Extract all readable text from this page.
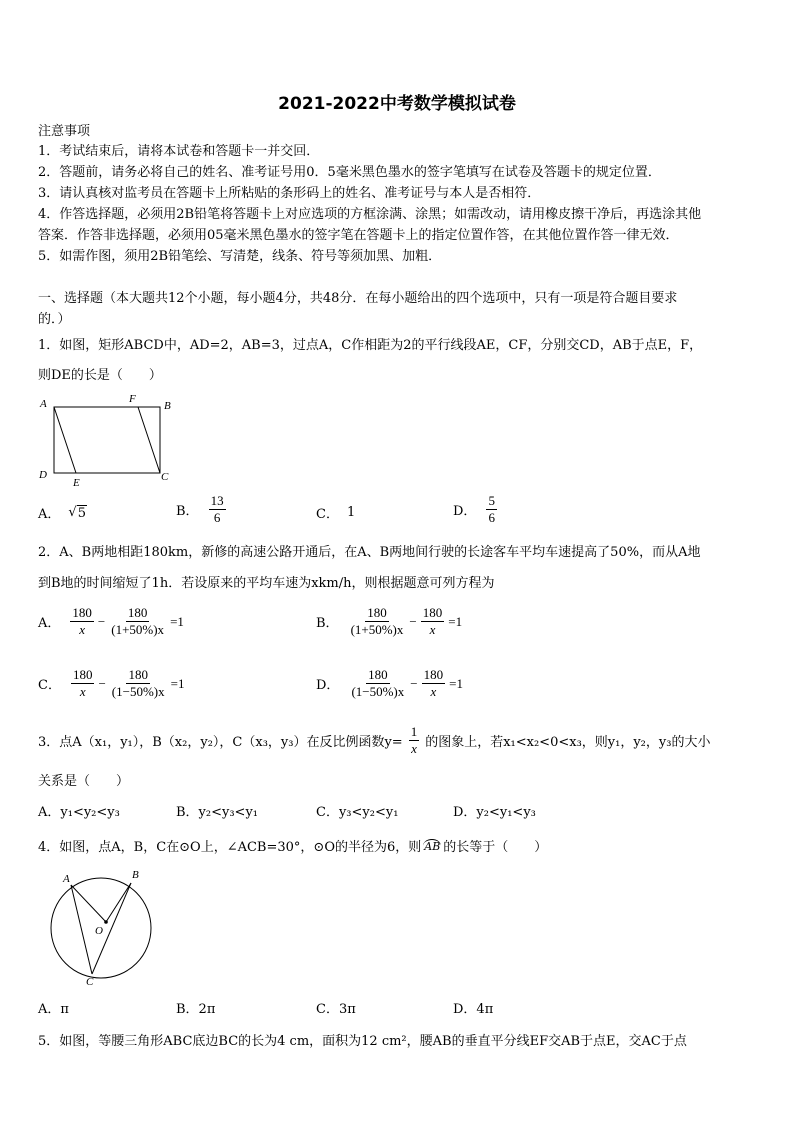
2021-2022中考数学模拟试卷
注意事项
1．考试结束后，请将本试卷和答题卡一并交回．
2．答题前，请务必将自己的姓名、准考证号用0．5毫米黑色墨水的签字笔填写在试卷及答题卡的规定位置．
3．请认真核对监考员在答题卡上所粘贴的条形码上的姓名、准考证号与本人是否相符．
4．作答选择题，必须用2B铅笔将答题卡上对应选项的方框涂满、涂黑；如需改动，请用橡皮擦干净后，再选涂其他
答案．作答非选择题，必须用05毫米黑色墨水的签字笔在答题卡上的指定位置作答，在其他位置作答一律无效．
5．如需作图，须用2B铅笔绘、写清楚，线条、符号等须加黑、加粗．
一、选择题（本大题共12个小题，每小题4分，共48分．在每小题给出的四个选项中，只有一项是符合题目要求
的．）
1．如图，矩形ABCD中，AD=2，AB=3，过点A，C作相距为2的平行线段AE，CF，分别交CD，AB于点E，F，
则DE的长是（　　）
A	B
C
D
E
F
A． √ 5	B． $\frac{13}{6}$	C． 1	D． $\frac{5}{6}$
2．A、B两地相距180km，新修的高速公路开通后，在A、B两地间行驶的长途客车平均车速提高了50%，而从A地
到B地的时间缩短了1h．若设原来的平均车速为xkm/h，则根据题意可列方程为
A． $\frac{180}{x} - \frac{180}{(1+50\%)x} =1$	B． $\frac{180}{(1+50\%)x} - \frac{180}{x} =1$
C． $\frac{180}{x} - \frac{180}{(1-50\%)x} =1$	D． $\frac{180}{(1-50\%)x} - \frac{180}{x} =1$
3．点A（x₁，y₁），B（x₂，y₂），C（x₃，y₃）在反比例函数$y= \frac{1}{x}$ 的图象上，若x₁<x₂<0<x₃，则y₁，y₂，y₃的大小
关系是（　　）
A．y₁<y₂<y₃	B．y₂<y₃<y₁	C．y₃<y₂<y₁	D．y₂<y₁<y₃
4．如图，点A，B，C在⊙O上，∠ACB=30°，⊙O的半径为6，则 AB 的长等于（　　）
A	B
C
O
A．π	B．2π	C．3π	D．4π
5．如图，等腰三角形ABC底边BC的长为4 cm，面积为12 cm²，腰AB的垂直平分线EF交AB于点E，交AC于点
